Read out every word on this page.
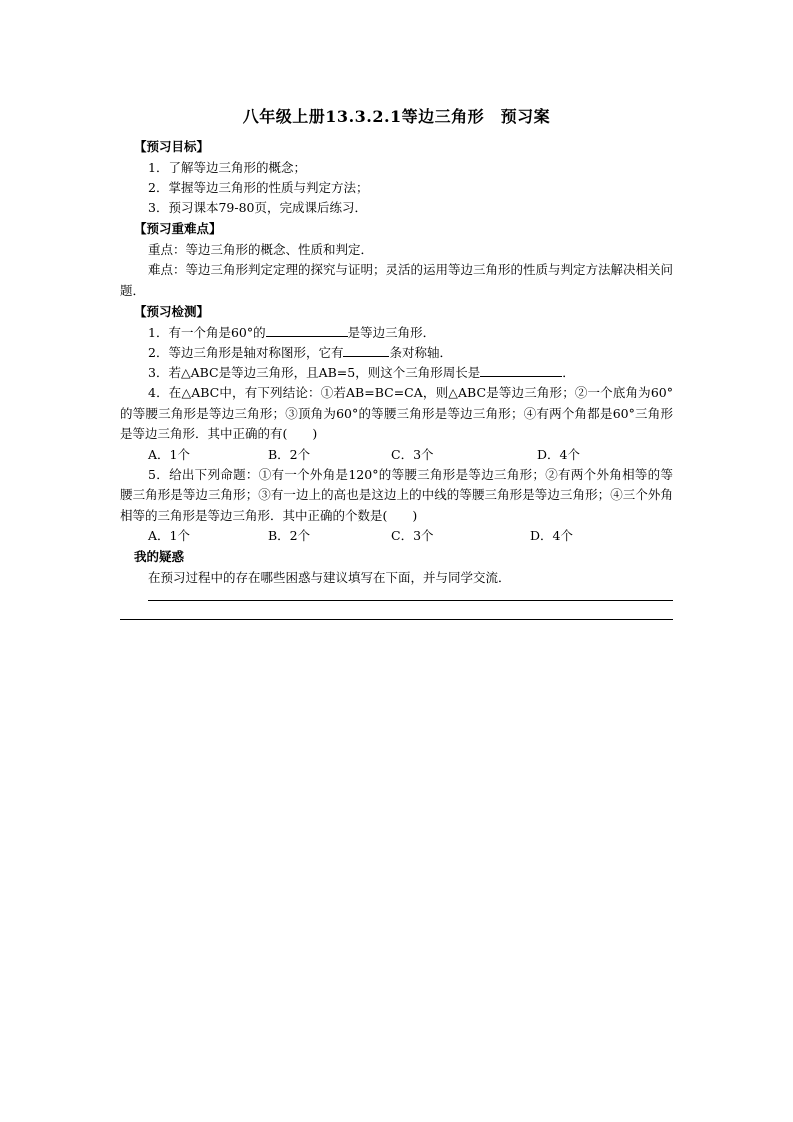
八年级上册13.3.2.1等边三角形　预习案
【预习目标】
1．了解等边三角形的概念；
2．掌握等边三角形的性质与判定方法；
3．预习课本79-80页，完成课后练习．
【预习重难点】
重点：等边三角形的概念、性质和判定．
难点：等边三角形判定定理的探究与证明；灵活的运用等边三角形的性质与判定方法解决相关问题．
【预习检测】
1．有一个角是60°的	是等边三角形．
2．等边三角形是轴对称图形，它有	条对称轴．
3．若△ABC是等边三角形，且AB=5，则这个三角形周长是	．
4．在△ABC中，有下列结论：①若AB=BC=CA，则△ABC是等边三角形；②一个底角为60°的等腰三角形是等边三角形；③顶角为60°的等腰三角形是等边三角形；④有两个角都是60°三角形是等边三角形．其中正确的有(　　)
A．1个	B．2个	C．3个	D．4个
5．给出下列命题：①有一个外角是120°的等腰三角形是等边三角形；②有两个外角相等的等腰三角形是等边三角形；③有一边上的高也是这边上的中线的等腰三角形是等边三角形；④三个外角相等的三角形是等边三角形．其中正确的个数是(　　)
A．1个	B．2个	C．3个	D．4个
我的疑惑
在预习过程中的存在哪些困惑与建议填写在下面，并与同学交流．
